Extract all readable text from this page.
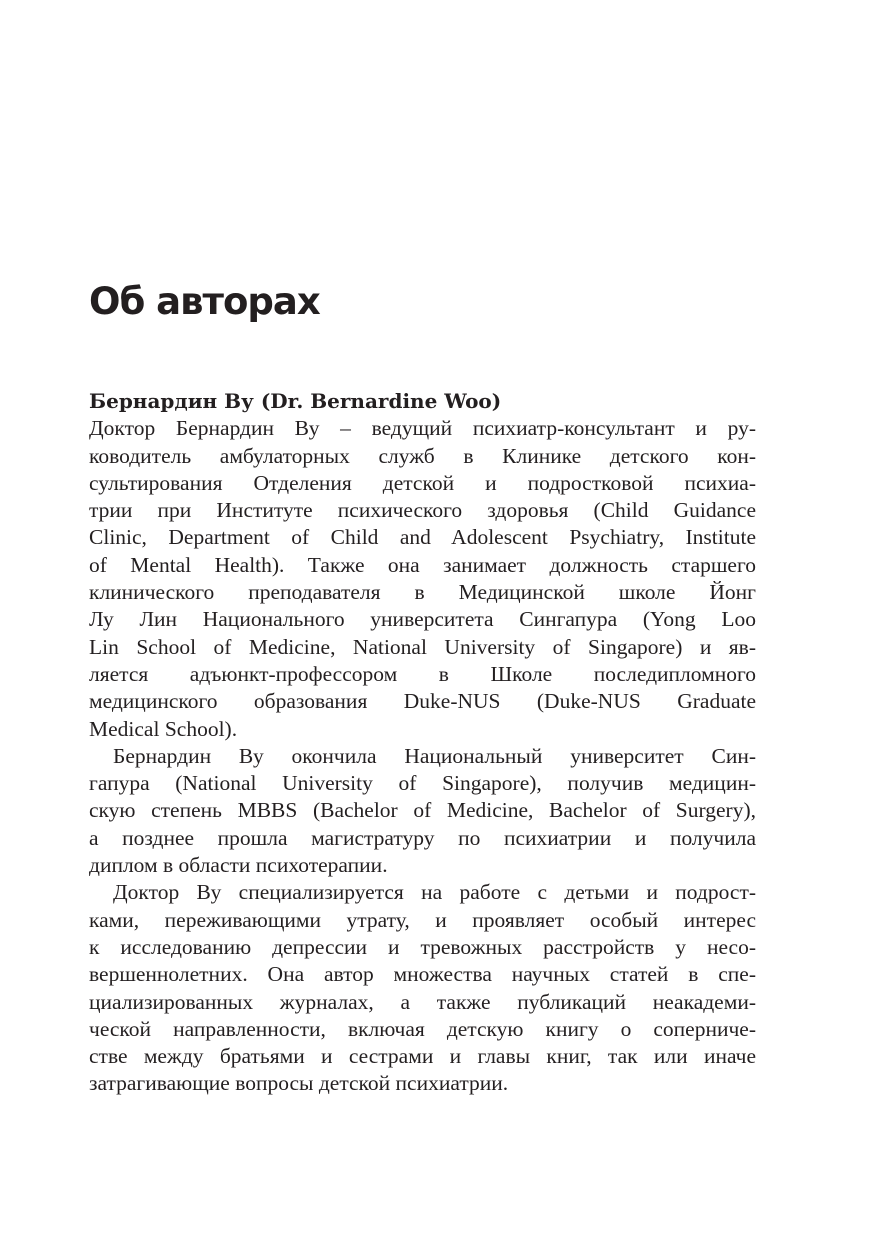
Об авторах

Бернардин Ву (Dr. Bernardine Woo)

Доктор Бернардин Ву – ведущий психиатр-консультант и ру-
ководитель амбулаторных служб в Клинике детского кон-
сультирования Отделения детской и подростковой психиа-
трии при Институте психического здоровья (Child Guidance
Clinic, Department of Child and Adolescent Psychiatry, Institute
of Mental Health). Также она занимает должность старшего
клинического преподавателя в Медицинской школе Йонг
Лу Лин Национального университета Сингапура (Yong Loo
Lin School of Medicine, National University of Singapore) и яв-
ляется адъюнкт-профессором в Школе последипломного
медицинского образования Duke-NUS (Duke-NUS Graduate
Medical School).

Бернардин Ву окончила Национальный университет Син-
гапура (National University of Singapore), получив медицин-
скую степень MBBS (Bachelor of Medicine, Bachelor of Surgery),
а позднее прошла магистратуру по психиатрии и получила
диплом в области психотерапии.

Доктор Ву специализируется на работе с детьми и подрост-
ками, переживающими утрату, и проявляет особый интерес
к исследованию депрессии и тревожных расстройств у несо-
вершеннолетних. Она автор множества научных статей в спе-
циализированных журналах, а также публикаций неакадеми-
ческой направленности, включая детскую книгу о соперниче-
стве между братьями и сестрами и главы книг, так или иначе
затрагивающие вопросы детской психиатрии.
